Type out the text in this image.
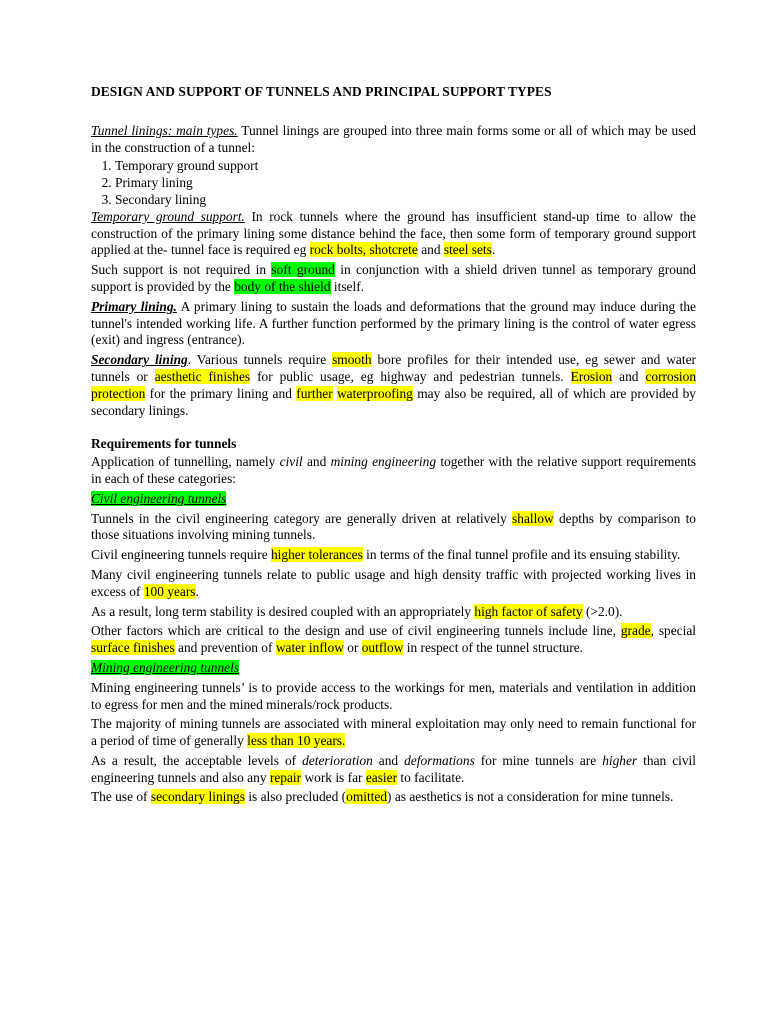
DESIGN AND SUPPORT OF TUNNELS AND PRINCIPAL SUPPORT TYPES

Tunnel linings: main types. Tunnel linings are grouped into three main forms some or all of which may be used in the construction of a tunnel:

1. Temporary ground support
2. Primary lining
3. Secondary lining

Temporary ground support. In rock tunnels where the ground has insufficient stand-up time to allow the construction of the primary lining some distance behind the face, then some form of temporary ground support applied at the- tunnel face is required eg rock bolts, shotcrete and steel sets.

Such support is not required in soft ground in conjunction with a shield driven tunnel as temporary ground support is provided by the body of the shield itself.

Primary lining. A primary lining to sustain the loads and deformations that the ground may induce during the tunnel's intended working life. A further function performed by the primary lining is the control of water egress (exit) and ingress (entrance).

Secondary lining. Various tunnels require smooth bore profiles for their intended use, eg sewer and water tunnels or aesthetic finishes for public usage, eg highway and pedestrian tunnels. Erosion and corrosion protection for the primary lining and further waterproofing may also be required, all of which are provided by secondary linings.

Requirements for tunnels

Application of tunnelling, namely civil and mining engineering together with the relative support requirements in each of these categories:

Civil engineering tunnels

Tunnels in the civil engineering category are generally driven at relatively shallow depths by comparison to those situations involving mining tunnels.

Civil engineering tunnels require higher tolerances in terms of the final tunnel profile and its ensuing stability.

Many civil engineering tunnels relate to public usage and high density traffic with projected working lives in excess of 100 years.

As a result, long term stability is desired coupled with an appropriately high factor of safety (>2.0).

Other factors which are critical to the design and use of civil engineering tunnels include line, grade, special surface finishes and prevention of water inflow or outflow in respect of the tunnel structure.

Mining engineering tunnels

Mining engineering tunnels’ is to provide access to the workings for men, materials and ventilation in addition to egress for men and the mined minerals/rock products.

The majority of mining tunnels are associated with mineral exploitation may only need to remain functional for a period of time of generally less than 10 years.

As a result, the acceptable levels of deterioration and deformations for mine tunnels are higher than civil engineering tunnels and also any repair work is far easier to facilitate.

The use of secondary linings is also precluded (omitted) as aesthetics is not a consideration for mine tunnels.
